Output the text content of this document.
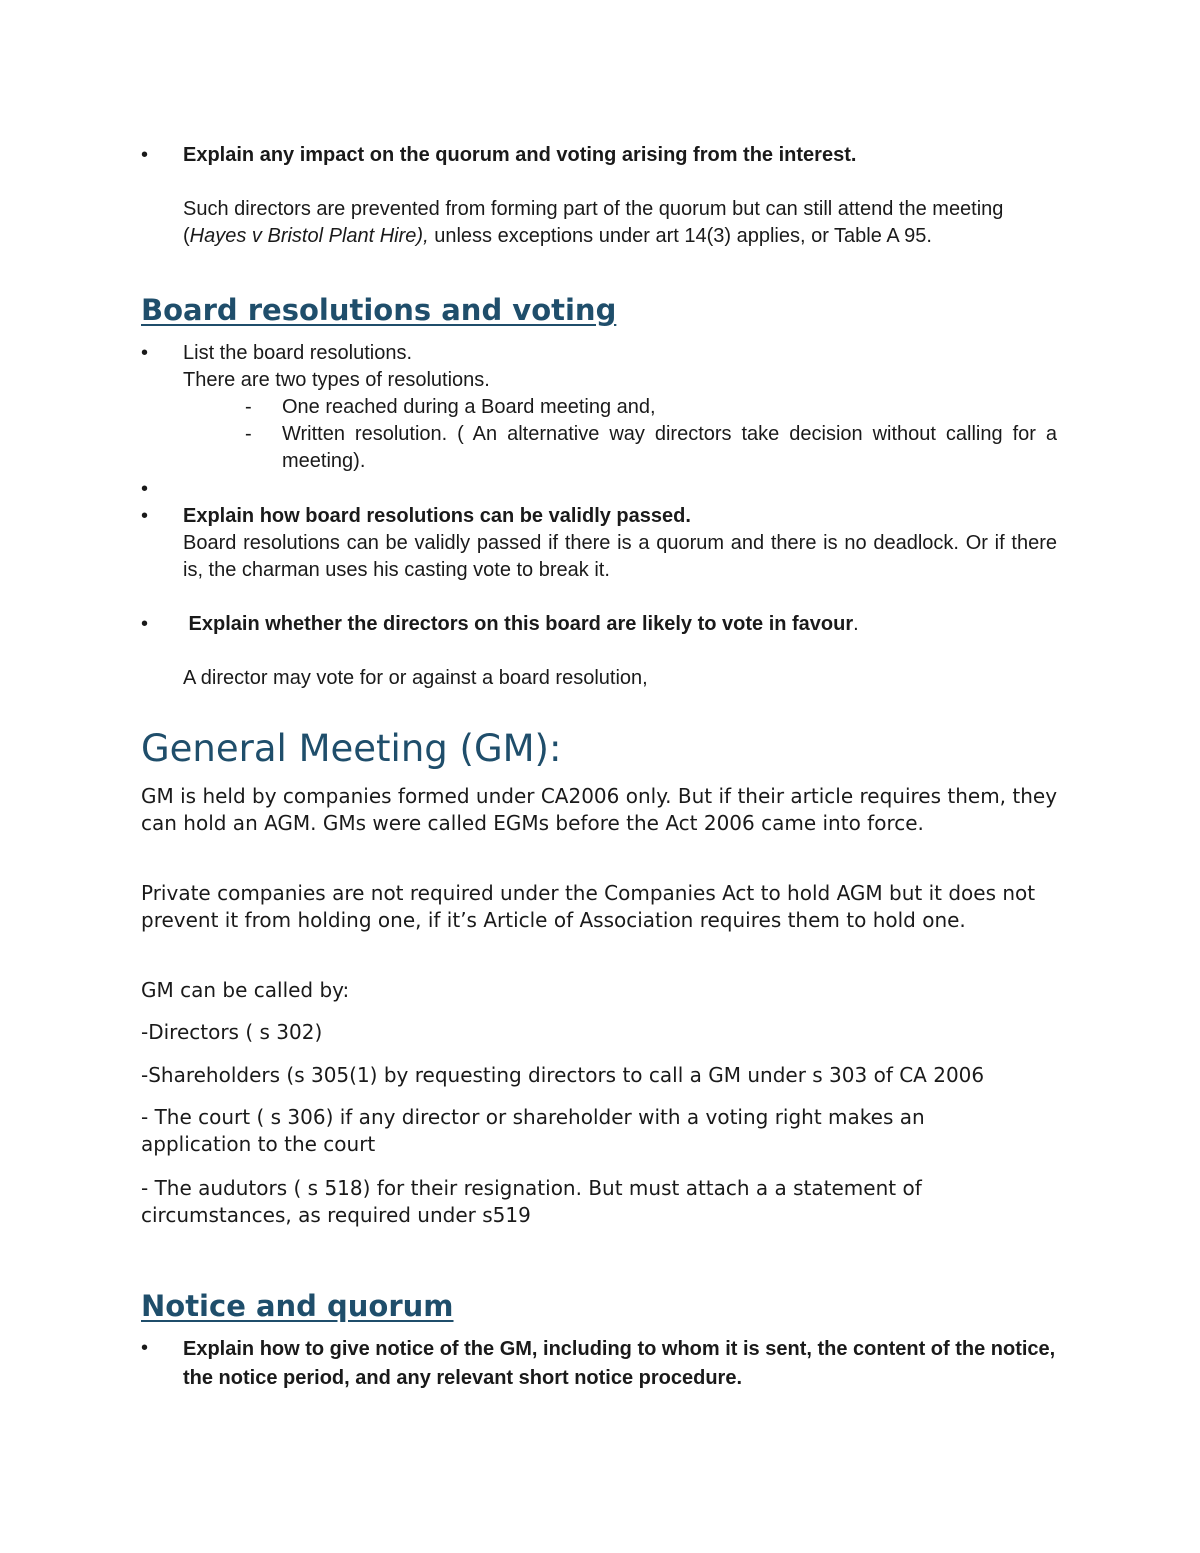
• Explain any impact on the quorum and voting arising from the interest.
Such directors are prevented from forming part of the quorum but can still attend the meeting (Hayes v Bristol Plant Hire), unless exceptions under art 14(3) applies, or Table A 95.
Board resolutions and voting
• List the board resolutions.
There are two types of resolutions.
- One reached during a Board meeting and,
- Written resolution. ( An alternative way directors take decision without calling for a meeting).
•
• Explain how board resolutions can be validly passed.
Board resolutions can be validly passed if there is a quorum and there is no deadlock. Or if there is, the charman uses his casting vote to break it.
• Explain whether the directors on this board are likely to vote in favour.
A director may vote for or against a board resolution,
General Meeting (GM):
GM is held by companies formed under CA2006 only. But if their article requires them, they can hold an AGM. GMs were called EGMs before the Act 2006 came into force.
Private companies are not required under the Companies Act to hold AGM but it does not prevent it from holding one, if it’s Article of Association requires them to hold one.
GM can be called by:
-Directors ( s 302)
-Shareholders (s 305(1) by requesting directors to call a GM under s 303 of CA 2006
- The court ( s 306) if any director or shareholder with a voting right makes an application to the court
- The audutors ( s 518) for their resignation. But must attach a a statement of circumstances, as required under s519
Notice and quorum
• Explain how to give notice of the GM, including to whom it is sent, the content of the notice, the notice period, and any relevant short notice procedure.
